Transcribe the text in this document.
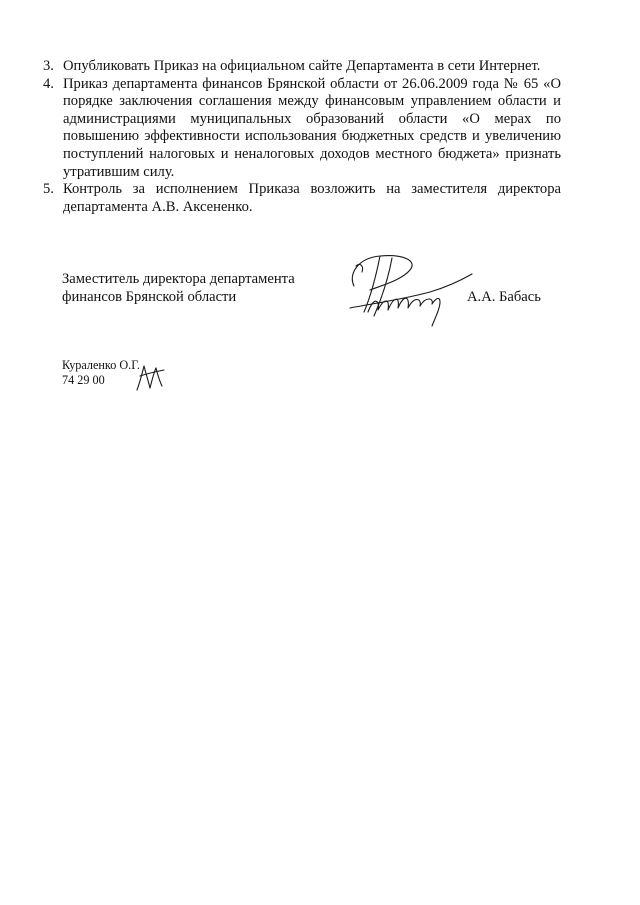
3. Опубликовать Приказ на официальном сайте Департамента в сети Интернет.
4. Приказ департамента финансов Брянской области от 26.06.2009 года № 65 «О порядке заключения соглашения между финансовым управлением области и администрациями муниципальных образований области «О мерах по повышению эффективности использования бюджетных средств и увеличению поступлений налоговых и неналоговых доходов местного бюджета» признать утратившим силу.
5. Контроль за исполнением Приказа возложить на заместителя директора департамента А.В. Аксененко.
Заместитель директора департамента
финансов Брянской области	А.А. Бабась
Кураленко О.Г.
74 29 00
